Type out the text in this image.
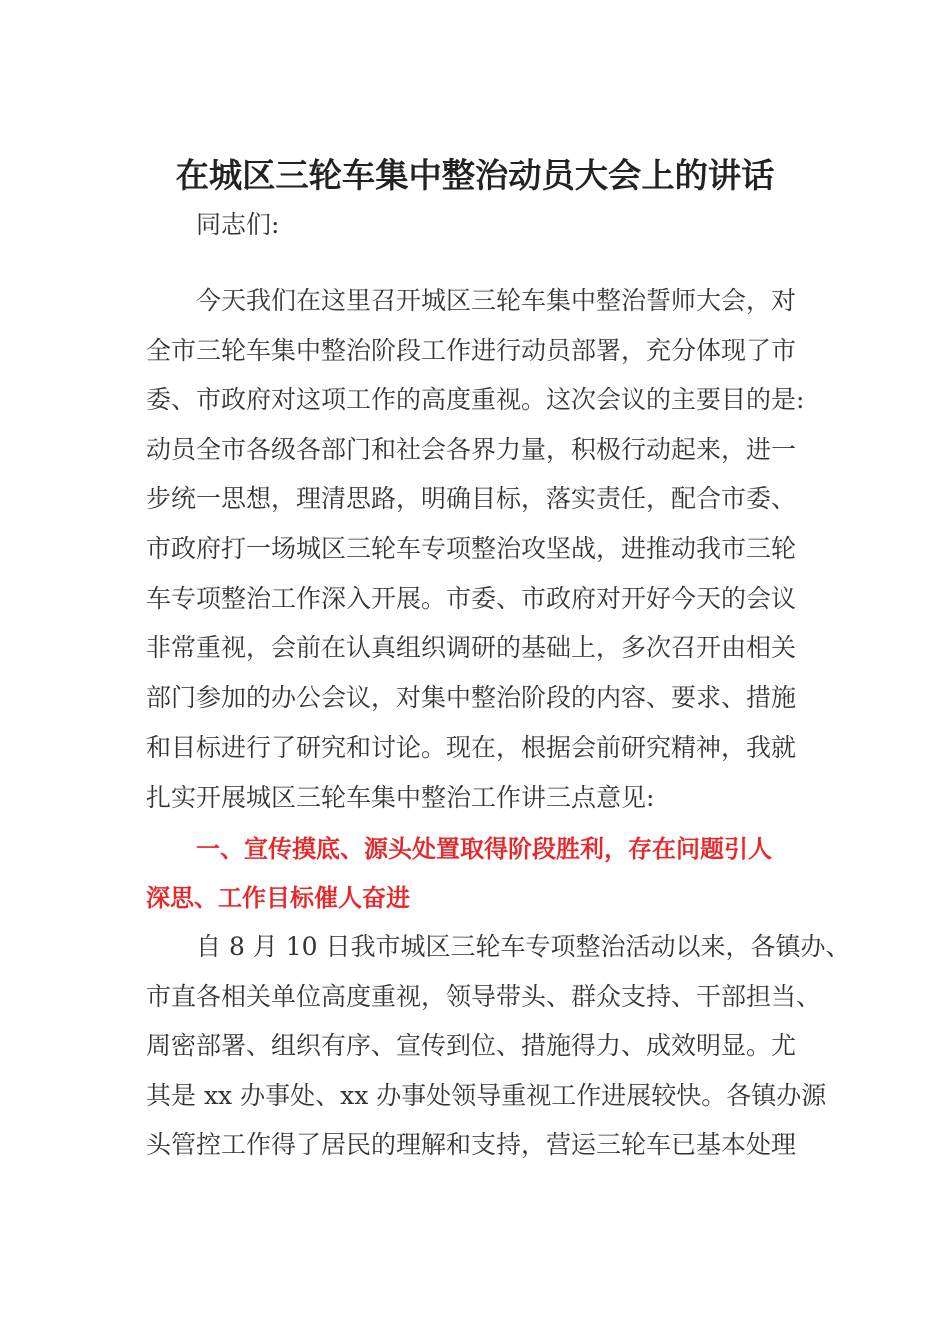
在城区三轮车集中整治动员大会上的讲话
同志们:
今天我们在这里召开城区三轮车集中整治誓师大会，对
全市三轮车集中整治阶段工作进行动员部署，充分体现了市
委、市政府对这项工作的高度重视。这次会议的主要目的是:
动员全市各级各部门和社会各界力量，积极行动起来，进一
步统一思想，理清思路，明确目标，落实责任，配合市委、
市政府打一场城区三轮车专项整治攻坚战，进推动我市三轮
车专项整治工作深入开展。市委、市政府对开好今天的会议
非常重视，会前在认真组织调研的基础上，多次召开由相关
部门参加的办公会议，对集中整治阶段的内容、要求、措施
和目标进行了研究和讨论。现在，根据会前研究精神，我就
扎实开展城区三轮车集中整治工作讲三点意见:
一、宣传摸底、源头处置取得阶段胜利，存在问题引人
深思、工作目标催人奋进
自 8 月 10 日我市城区三轮车专项整治活动以来，各镇办、
市直各相关单位高度重视，领导带头、群众支持、干部担当、
周密部署、组织有序、宣传到位、措施得力、成效明显。尤
其是 xx 办事处、xx 办事处领导重视工作进展较快。各镇办源
头管控工作得了居民的理解和支持，营运三轮车已基本处理
